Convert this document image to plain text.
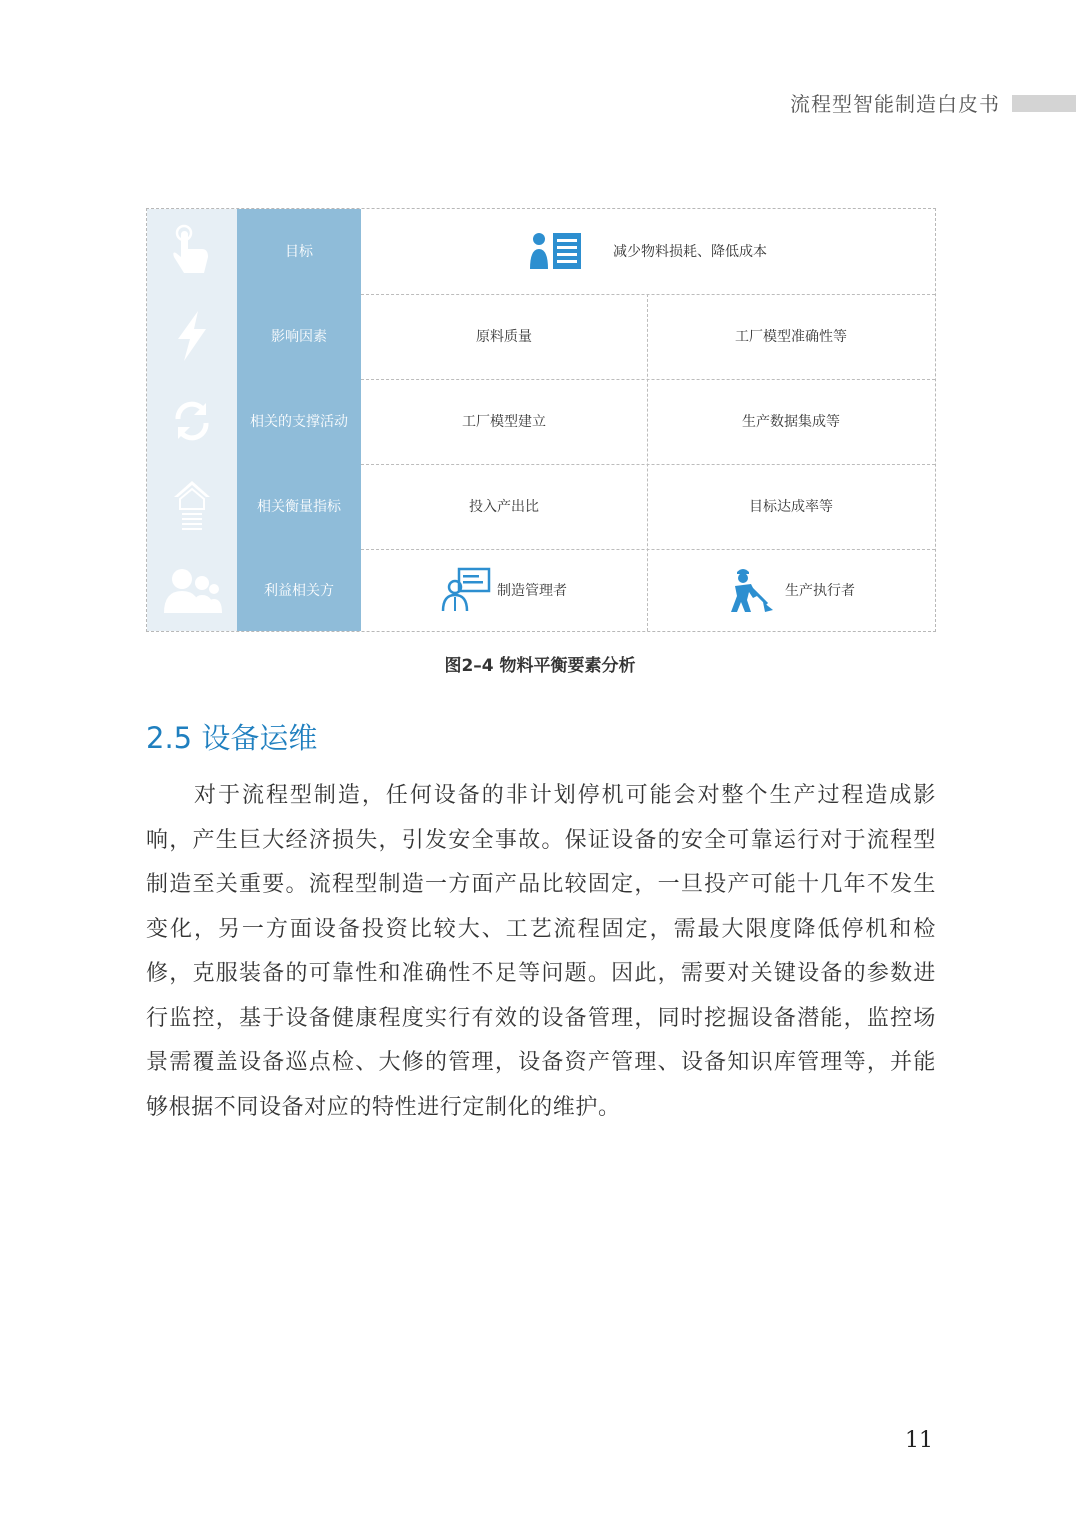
流程型智能制造白皮书
目标	减少物料损耗、降低成本
影响因素	原料质量	工厂模型准确性等
相关的支撑活动	工厂模型建立	生产数据集成等
相关衡量指标	投入产出比	目标达成率等
利益相关方	制造管理者	生产执行者
图2–4 物料平衡要素分析
2.5 设备运维

对于流程型制造，任何设备的非计划停机可能会对整个生产过程造成影响，产生巨大经济损失，引发安全事故。保证设备的安全可靠运行对于流程型制造至关重要。流程型制造一方面产品比较固定，一旦投产可能十几年不发生变化，另一方面设备投资比较大、工艺流程固定，需最大限度降低停机和检修，克服装备的可靠性和准确性不足等问题。因此，需要对关键设备的参数进行监控，基于设备健康程度实行有效的设备管理，同时挖掘设备潜能，监控场景需覆盖设备巡点检、大修的管理，设备资产管理、设备知识库管理等，并能够根据不同设备对应的特性进行定制化的维护。

11
